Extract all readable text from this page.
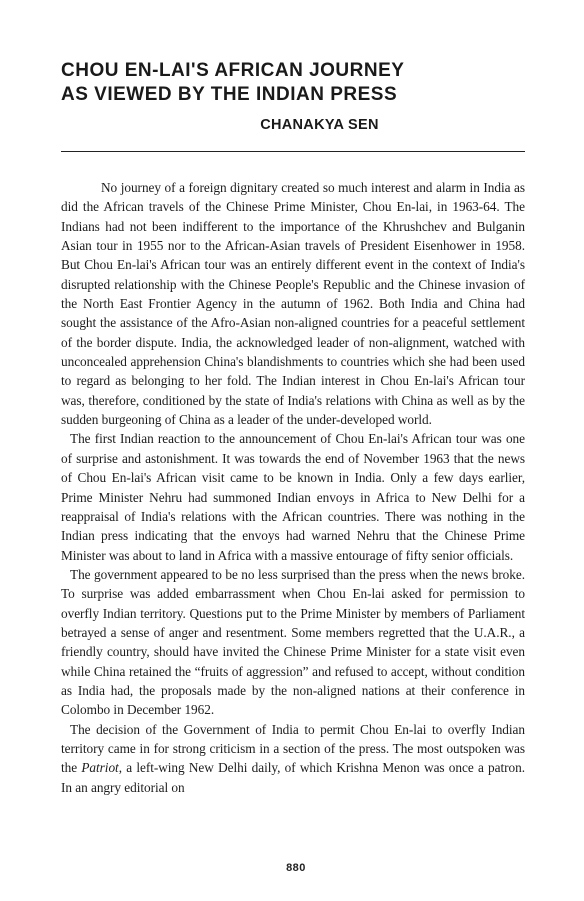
CHOU EN-LAI'S AFRICAN JOURNEY
AS VIEWED BY THE INDIAN PRESS

CHANAKYA SEN

No journey of a foreign dignitary created so much interest and alarm in India as did the African travels of the Chinese Prime Minister, Chou En-lai, in 1963-64. The Indians had not been indifferent to the importance of the Khrushchev and Bulganin Asian tour in 1955 nor to the African-Asian travels of President Eisenhower in 1958. But Chou En-lai's African tour was an entirely different event in the context of India's disrupted relationship with the Chinese People's Republic and the Chinese invasion of the North East Frontier Agency in the autumn of 1962. Both India and China had sought the assistance of the Afro-Asian non-aligned countries for a peaceful settlement of the border dispute. India, the acknowledged leader of non-alignment, watched with unconcealed apprehension China's blandishments to countries which she had been used to regard as belonging to her fold. The Indian interest in Chou En-lai's African tour was, therefore, conditioned by the state of India's relations with China as well as by the sudden burgeoning of China as a leader of the under-developed world.

The first Indian reaction to the announcement of Chou En-lai's African tour was one of surprise and astonishment. It was towards the end of November 1963 that the news of Chou En-lai's African visit came to be known in India. Only a few days earlier, Prime Minister Nehru had summoned Indian envoys in Africa to New Delhi for a reappraisal of India's relations with the African countries. There was nothing in the Indian press indicating that the envoys had warned Nehru that the Chinese Prime Minister was about to land in Africa with a massive entourage of fifty senior officials.

The government appeared to be no less surprised than the press when the news broke. To surprise was added embarrassment when Chou En-lai asked for permission to overfly Indian territory. Questions put to the Prime Minister by members of Parliament betrayed a sense of anger and resentment. Some members regretted that the U.A.R., a friendly country, should have invited the Chinese Prime Minister for a state visit even while China retained the “fruits of aggression” and refused to accept, without condition as India had, the proposals made by the non-aligned nations at their conference in Colombo in December 1962.

The decision of the Government of India to permit Chou En-lai to overfly Indian territory came in for strong criticism in a section of the press. The most outspoken was the Patriot, a left-wing New Delhi daily, of which Krishna Menon was once a patron. In an angry editorial on

880
